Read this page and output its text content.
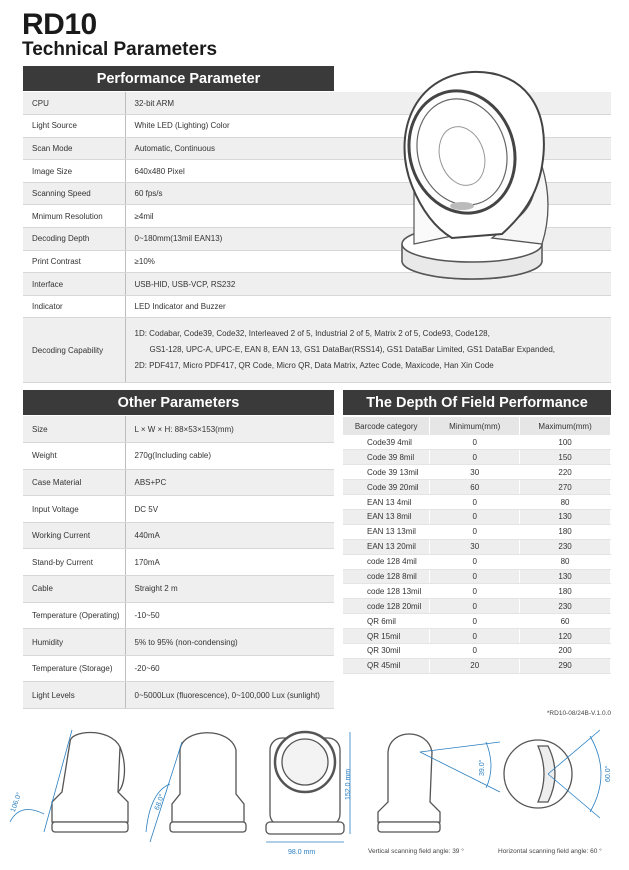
RD10
Technical Parameters
Performance Parameter
CPU	32-bit ARM
Light Source	White LED (Lighting) Color
Scan Mode	Automatic, Continuous
Image Size	640x480 Pixel
Scanning Speed	60 fps/s
Mnimum Resolution	≥4mil
Decoding Depth	0~180mm(13mil EAN13)
Print Contrast	≥10%
Interface	USB-HID, USB-VCP, RS232
Indicator	LED Indicator and Buzzer
Decoding Capability	1D: Codabar, Code39, Code32, Interleaved 2 of 5, Industrial 2 of 5, Matrix 2 of 5, Code93, Code128,
GS1-128, UPC-A, UPC-E, EAN 8, EAN 13, GS1 DataBar(RSS14), GS1 DataBar Limited, GS1 DataBar Expanded,
2D: PDF417, Micro PDF417, QR Code, Micro QR, Data Matrix, Aztec Code, Maxicode, Han Xin Code
Other Parameters
Size	L × W × H: 88×53×153(mm)
Weight	270g(Including cable)
Case Material	ABS+PC
Input Voltage	DC 5V
Working Current	440mA
Stand-by Current	170mA
Cable	Straight 2 m
Temperature (Operating)	-10~50
Humidity	5% to 95% (non-condensing)
Temperature (Storage)	-20~60
Light Levels	0~5000Lux (fluorescence), 0~100,000 Lux (sunlight)
The Depth Of Field Performance
Barcode category	Minimum(mm)	Maximum(mm)
Code39 4mil	0	100
Code 39 8mil	0	150
Code 39 13mil	30	220
Code 39 20mil	60	270
EAN 13 4mil	0	80
EAN 13 8mil	0	130
EAN 13 13mil	0	180
EAN 13 20mil	30	230
code 128 4mil	0	80
code 128 8mil	0	130
code 128 13mil	0	180
code 128 20mil	0	230
QR 6mil	0	60
QR 15mil	0	120
QR 30mil	0	200
QR 45mil	20	290
*RD10-08/24B-V.1.0.0
106.0°	68.0°
152.0 mm
98.0 mm
39.0°	60.0°
Vertical scanning field angle: 39 °	Horizontal scanning field angle: 60 °
